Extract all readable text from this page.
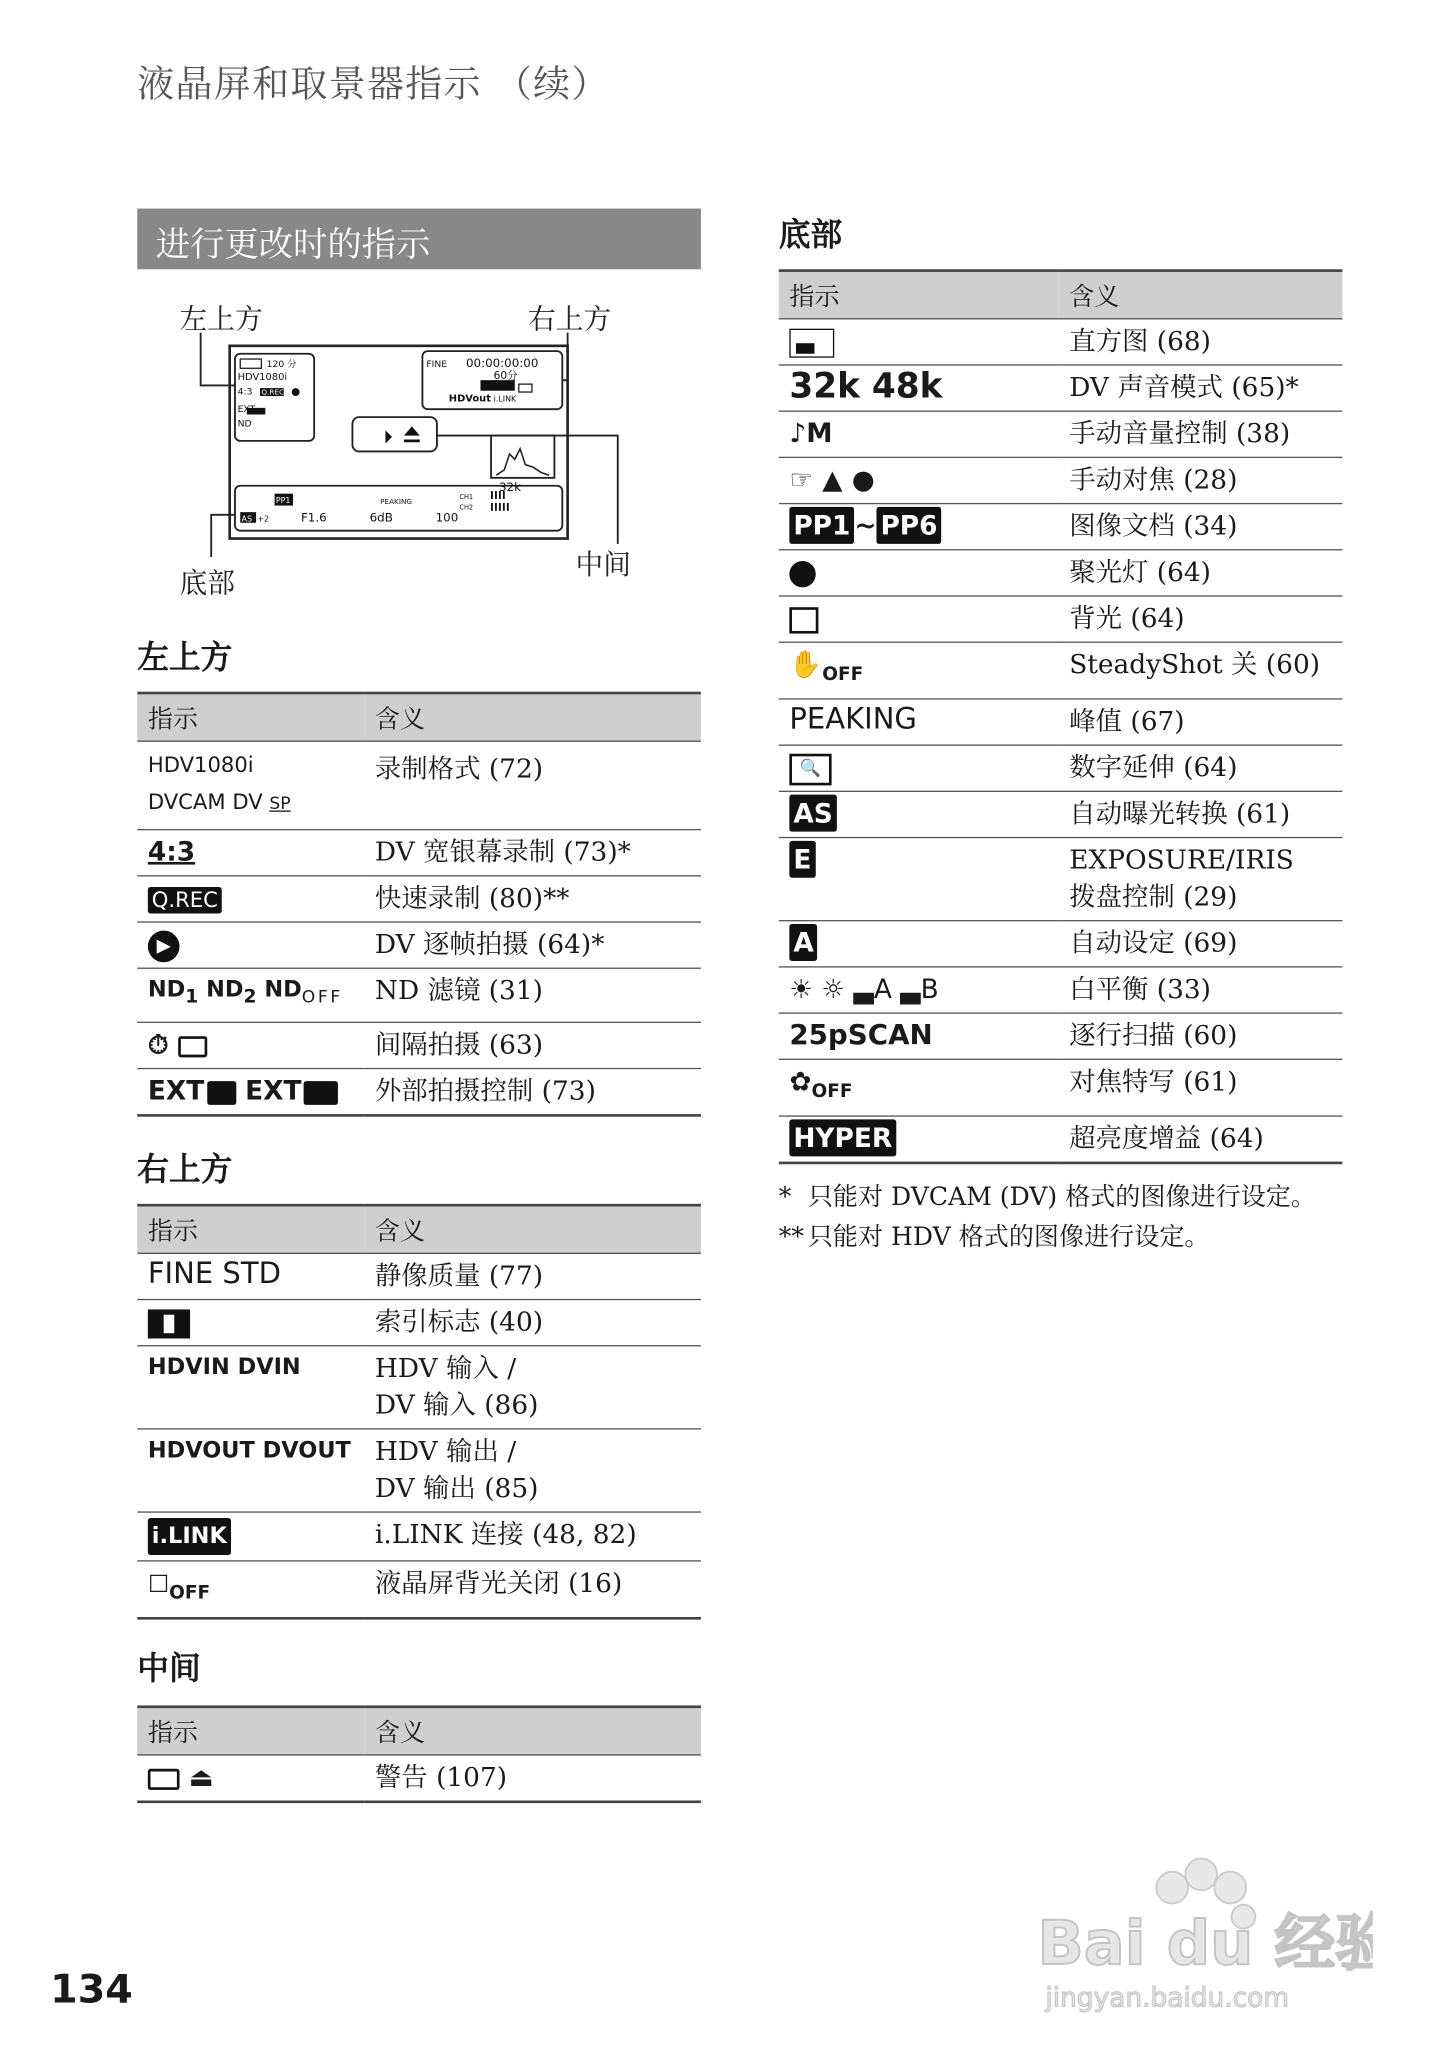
液晶屏和取景器指示 （续）
进行更改时的指示
120 分
HDV1080i
4:3 Q.REC
EXT
ND
FINE 00:00:00:00
60分
HDVout i.LINK
32k
CH1
CH2
PEAKING
PP1
AS +2	F1.6	6dB	100
左上方	右上方
底部
中间
左上方
指示	含义
HDV1080i
DVCAM DV SP	录制格式 (72)
4:3	DV 宽银幕录制 (73)*
Q.REC	快速录制 (80)**
▶	DV 逐帧拍摄 (64)*
$ND_1$ $ND_2$ $ND_{OFF}$	ND 滤镜 (31)
⏱	间隔拍摄 (63)
EXT EXT	外部拍摄控制 (73)
右上方
指示	含义
FINE STD	静像质量 (77)

	索引标志 (40)
HDVIN DVIN	HDV 输入 /
DV 输入 (86)
HDVOUT DVOUT	HDV 输出 /
DV 输出 (85)
i.LINK	i.LINK 连接 (48, 82)
$☐_{OFF}$	液晶屏背光关闭 (16)
中间
指示	含义
⏏	警告 (107)
底部
指示	含义

	直方图 (68)
32k 48k	DV 声音模式 (65)*
♪M	手动音量控制 (38)
☞ ▲ ●	手动对焦 (28)
PP1 ~ PP6	图像文档 (34)
	聚光灯 (64)
	背光 (64)
$✋_{OFF}$	SteadyShot 关 (60)
PEAKING	峰值 (67)
🔍	数字延伸 (64)
AS	自动曝光转换 (61)
E	EXPOSURE/IRIS
拨盘控制 (29)
A	自动设定 (69)
☀ ☼ ▃A ▃B	白平衡 (33)
25pSCAN	逐行扫描 (60)
$✿_{OFF}$	对焦特写 (61)
HYPER	超亮度增益 (64)
* 只能对 DVCAM (DV) 格式的图像进行设定。
** 只能对 HDV 格式的图像进行设定。
134
Bai du 经验
jingyan.baidu.com
